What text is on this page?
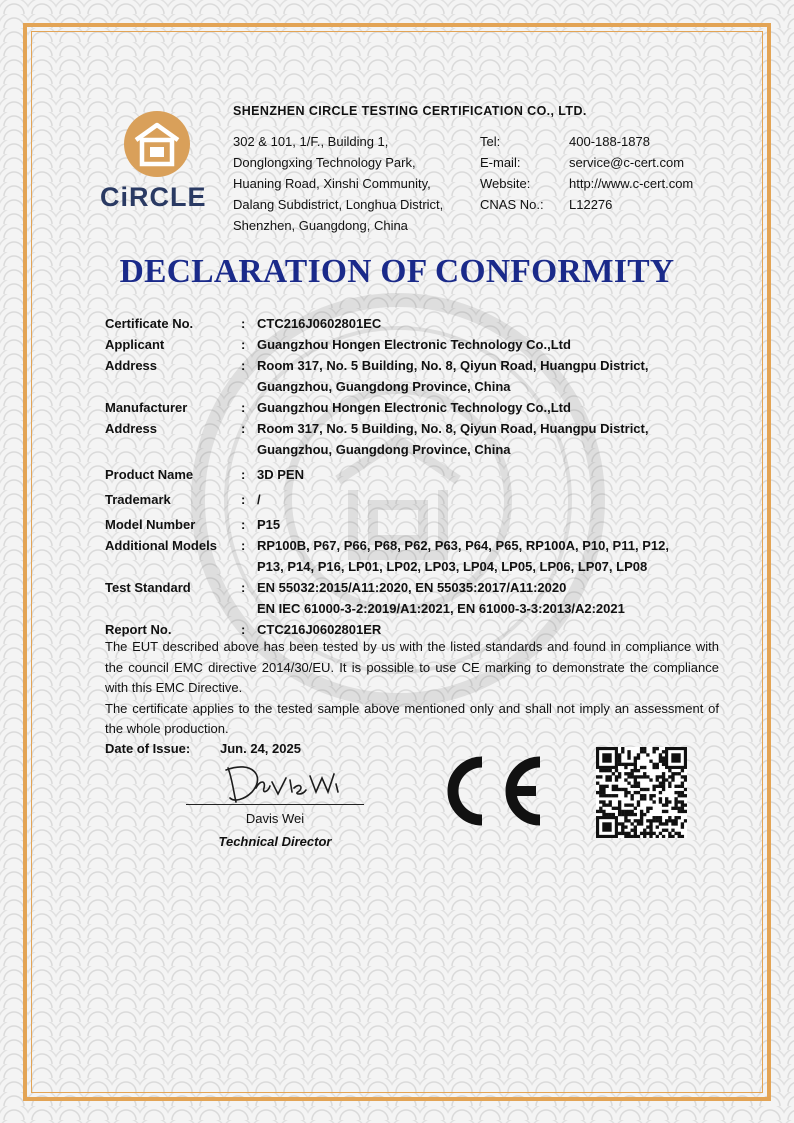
CiRCLE
SHENZHEN CIRCLE TESTING CERTIFICATION CO., LTD.
302 & 101, 1/F., Building 1,
Donglongxing Technology Park,
Huaning Road, Xinshi Community,
Dalang Subdistrict, Longhua District,
Shenzhen, Guangdong, China
Tel:	400-188-1878
E-mail:	service@c-cert.com
Website:	http://www.c-cert.com
CNAS No.:	L12276
DECLARATION OF CONFORMITY
Certificate No.	: CTC216J0602801EC
Applicant	: Guangzhou Hongen Electronic Technology Co.,Ltd
Address	: Room 317, No. 5 Building, No. 8, Qiyun Road, Huangpu District,
Guangzhou, Guangdong Province, China
Manufacturer	: Guangzhou Hongen Electronic Technology Co.,Ltd
Address	: Room 317, No. 5 Building, No. 8, Qiyun Road, Huangpu District,
Guangzhou, Guangdong Province, China
Product Name	: 3D PEN
Trademark	: /
Model Number	: P15
Additional Models	: RP100B, P67, P66, P68, P62, P63, P64, P65, RP100A, P10, P11, P12,
P13, P14, P16, LP01, LP02, LP03, LP04, LP05, LP06, LP07, LP08
Test Standard	: EN 55032:2015/A11:2020, EN 55035:2017/A11:2020
EN IEC 61000-3-2:2019/A1:2021, EN 61000-3-3:2013/A2:2021
Report No.	: CTC216J0602801ER
The EUT described above has been tested by us with the listed standards and found in compliance with the council EMC directive 2014/30/EU. It is possible to use CE marking to demonstrate the compliance with this EMC Directive.
The certificate applies to the tested sample above mentioned only and shall not imply an assessment of the whole production.
Date of Issue: Jun. 24, 2025
Davis Wei
Technical Director
